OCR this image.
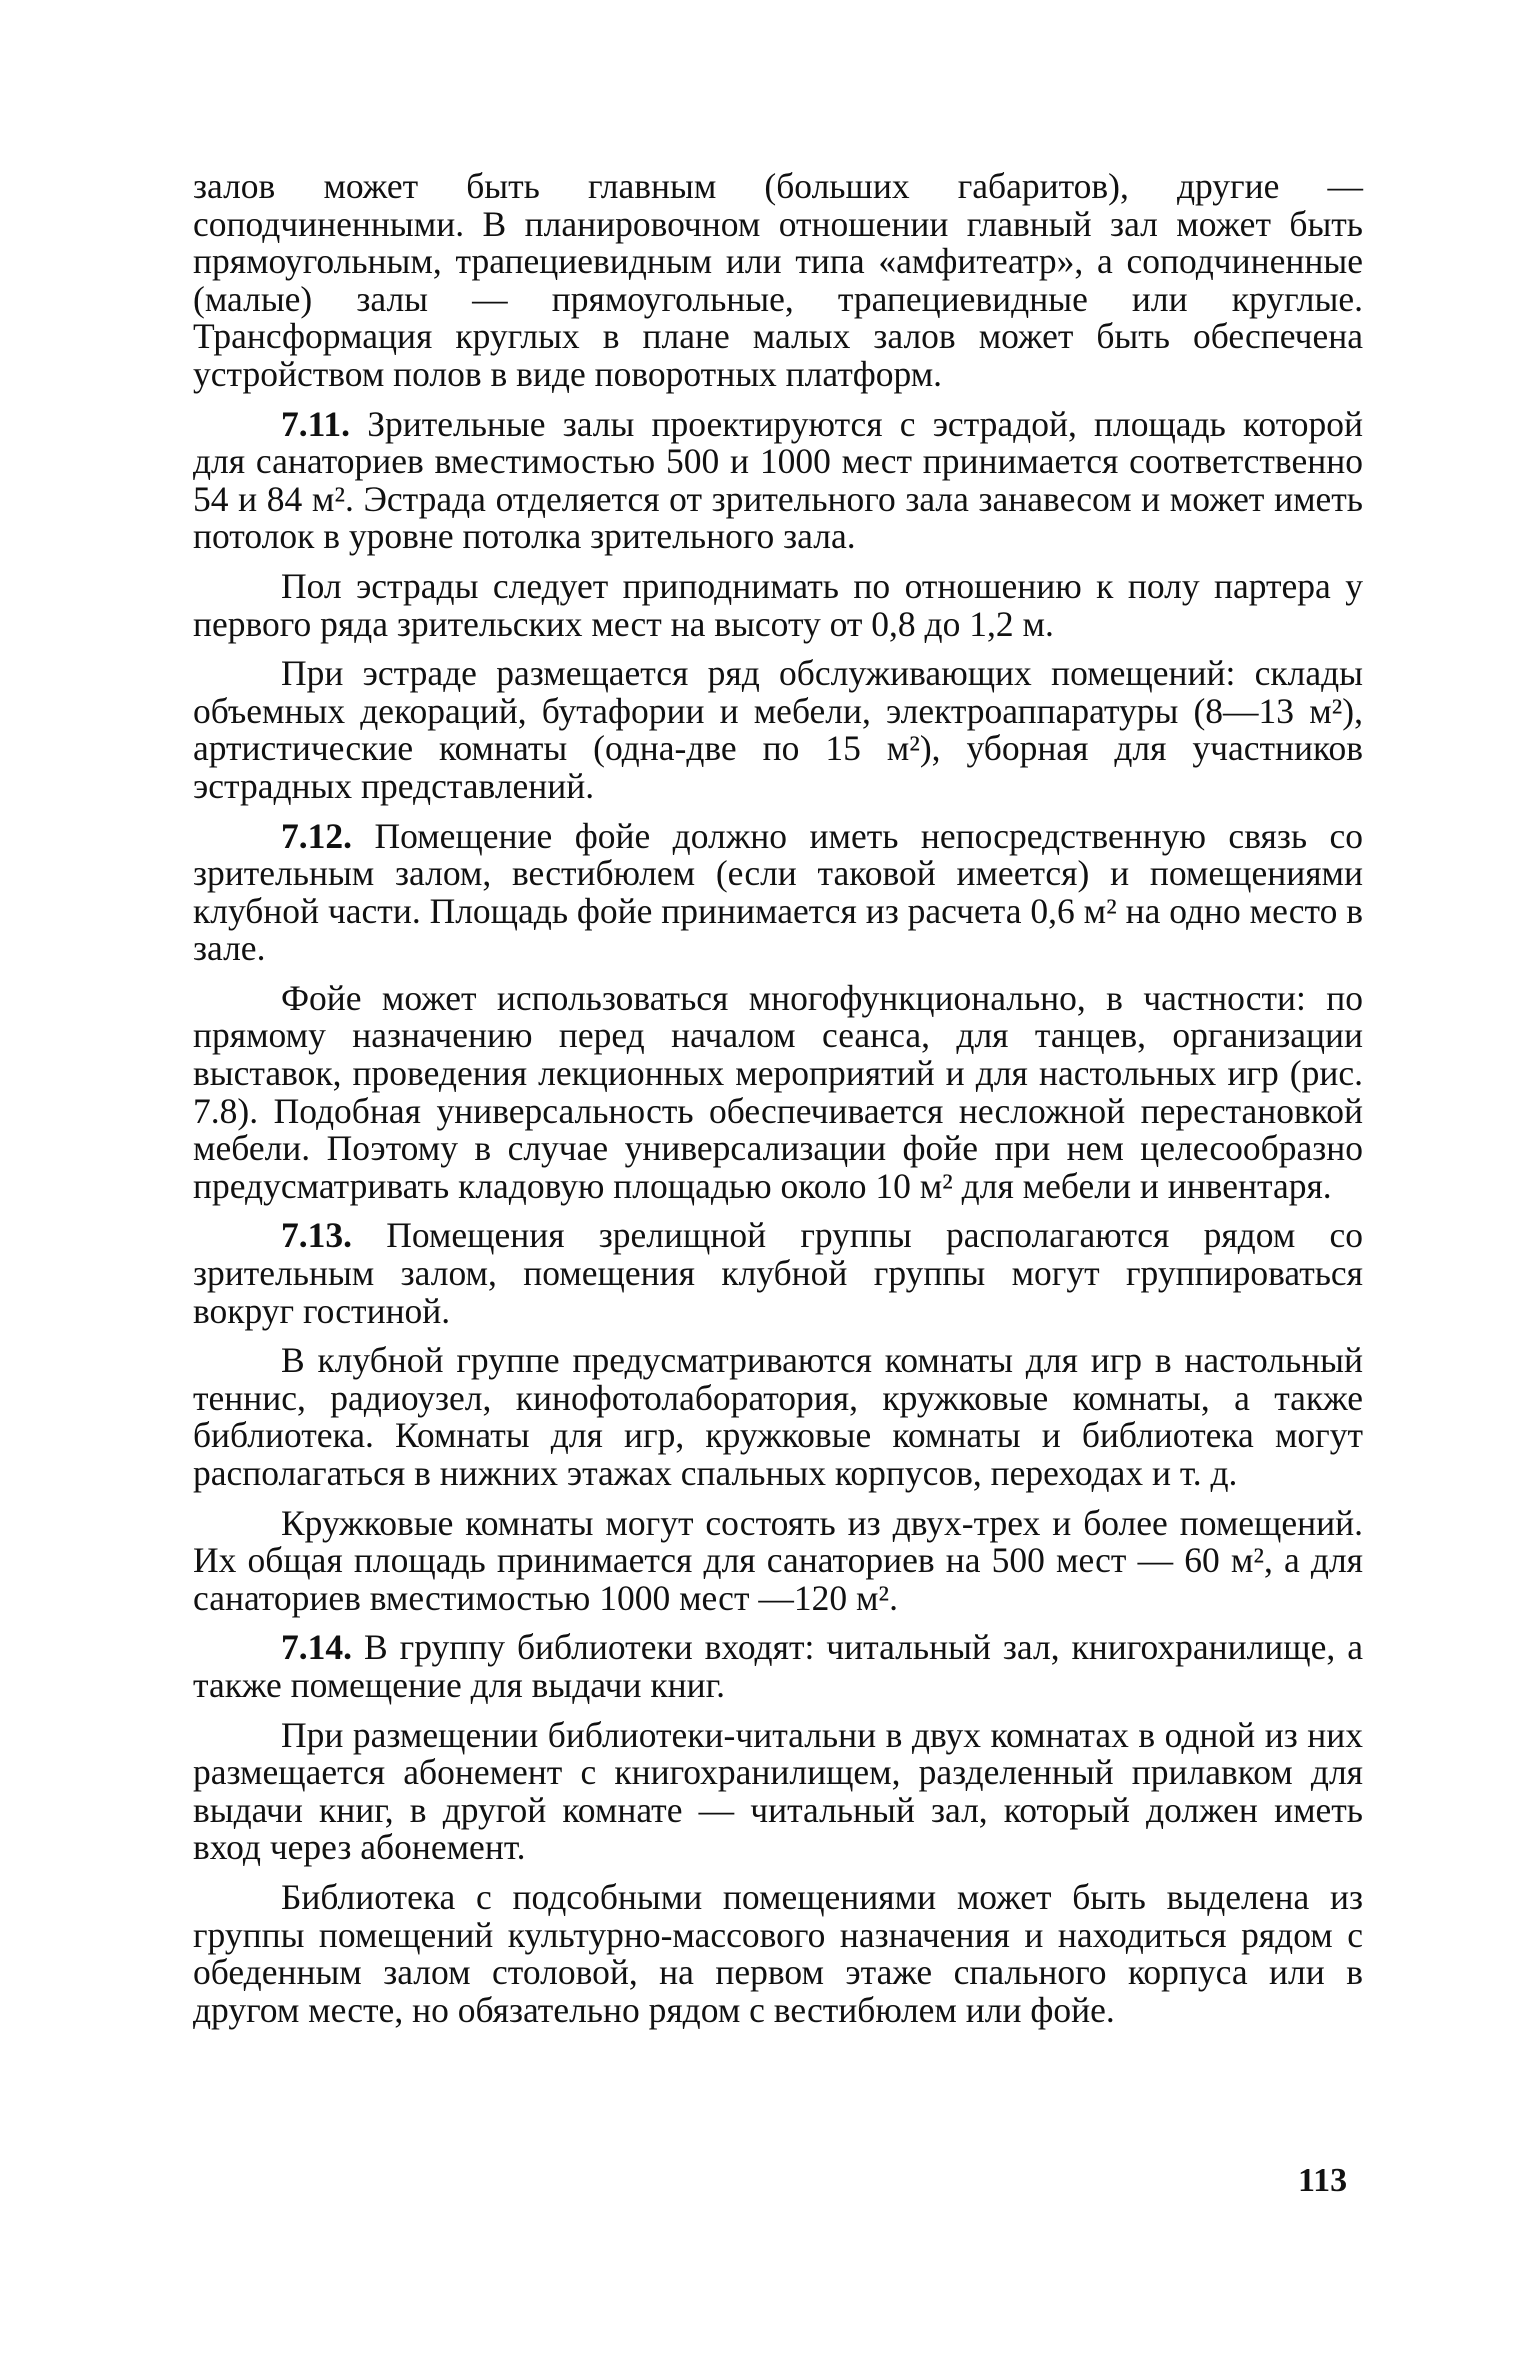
залов может быть главным (больших габаритов), другие — соподчиненными. В планировочном отношении главный зал может быть прямоугольным, трапециевидным или типа «амфитеатр», а соподчиненные (малые) залы — прямоугольные, трапециевидные или круглые. Трансформация круглых в плане малых залов может быть обеспечена устройством полов в виде поворотных платформ.

7.11. Зрительные залы проектируются с эстрадой, площадь которой для санаториев вместимостью 500 и 1000 мест принимается соответственно 54 и 84 м². Эстрада отделяется от зрительного зала занавесом и может иметь потолок в уровне потолка зрительного зала.

Пол эстрады следует приподнимать по отношению к полу партера у первого ряда зрительских мест на высоту от 0,8 до 1,2 м.

При эстраде размещается ряд обслуживающих помещений: склады объемных декораций, бутафории и мебели, электроаппаратуры (8—13 м²), артистические комнаты (одна-две по 15 м²), уборная для участников эстрадных представлений.

7.12. Помещение фойе должно иметь непосредственную связь со зрительным залом, вестибюлем (если таковой имеется) и помещениями клубной части. Площадь фойе принимается из расчета 0,6 м² на одно место в зале.

Фойе может использоваться многофункционально, в частности: по прямому назначению перед началом сеанса, для танцев, организации выставок, проведения лекционных мероприятий и для настольных игр (рис. 7.8). Подобная универсальность обеспечивается несложной перестановкой мебели. Поэтому в случае универсализации фойе при нем целесообразно предусматривать кладовую площадью около 10 м² для мебели и инвентаря.

7.13. Помещения зрелищной группы располагаются рядом со зрительным залом, помещения клубной группы могут группироваться вокруг гостиной.

В клубной группе предусматриваются комнаты для игр в настольный теннис, радиоузел, кинофотолаборатория, кружковые комнаты, а также библиотека. Комнаты для игр, кружковые комнаты и библиотека могут располагаться в нижних этажах спальных корпусов, переходах и т. д.

Кружковые комнаты могут состоять из двух-трех и более помещений. Их общая площадь принимается для санаториев на 500 мест — 60 м², а для санаториев вместимостью 1000 мест —120 м².

7.14. В группу библиотеки входят: читальный зал, книгохранилище, а также помещение для выдачи книг.

При размещении библиотеки-читальни в двух комнатах в одной из них размещается абонемент с книгохранилищем, разделенный прилавком для выдачи книг, в другой комнате — читальный зал, который должен иметь вход через абонемент.

Библиотека с подсобными помещениями может быть выделена из группы помещений культурно-массового назначения и находиться рядом с обеденным залом столовой, на первом этаже спального корпуса или в другом месте, но обязательно рядом с вестибюлем или фойе.

113
